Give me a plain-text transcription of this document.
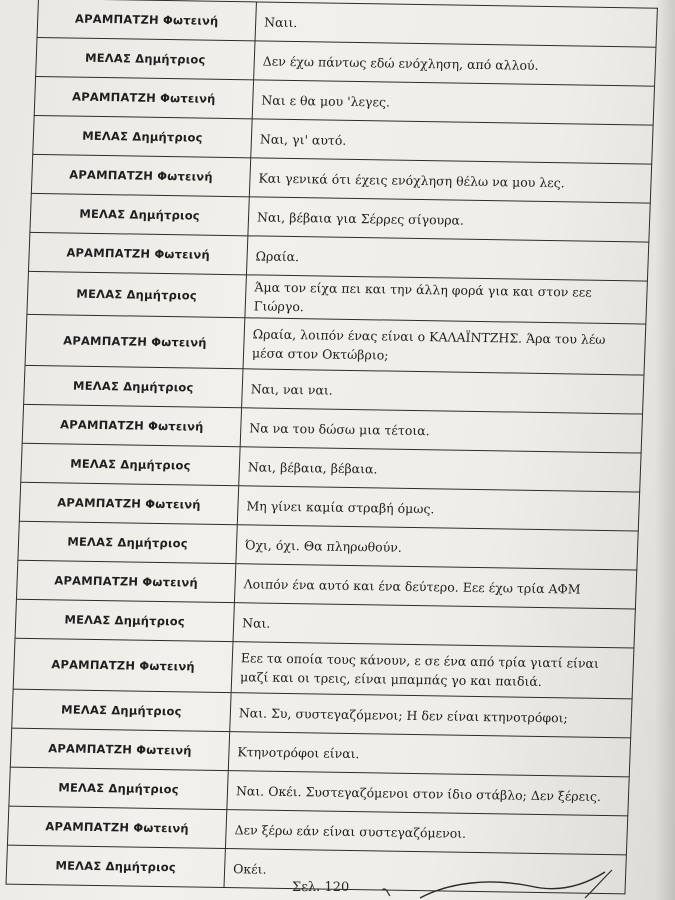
ΑΡΑΜΠΑΤΖΗ Φωτεινή	Ναιι.
ΜΕΛΑΣ Δημήτριος	Δεν έχω πάντως εδώ ενόχληση, από αλλού.
ΑΡΑΜΠΑΤΖΗ Φωτεινή	Ναι ε θα μου 'λεγες.
ΜΕΛΑΣ Δημήτριος	Ναι, γι' αυτό.
ΑΡΑΜΠΑΤΖΗ Φωτεινή	Και γενικά ότι έχεις ενόχληση θέλω να μου λες.
ΜΕΛΑΣ Δημήτριος	Ναι, βέβαια για Σέρρες σίγουρα.
ΑΡΑΜΠΑΤΖΗ Φωτεινή	Ωραία.
ΜΕΛΑΣ Δημήτριος	Άμα τον είχα πει και την άλλη φορά για και στον εεε Γιώργο.
ΑΡΑΜΠΑΤΖΗ Φωτεινή	Ωραία, λοιπόν ένας είναι ο ΚΑΛΑΪΝΤΖΗΣ. Άρα του λέω μέσα στον Οκτώβριο;
ΜΕΛΑΣ Δημήτριος	Ναι, ναι ναι.
ΑΡΑΜΠΑΤΖΗ Φωτεινή	Να να του δώσω μια τέτοια.
ΜΕΛΑΣ Δημήτριος	Ναι, βέβαια, βέβαια.
ΑΡΑΜΠΑΤΖΗ Φωτεινή	Μη γίνει καμία στραβή όμως.
ΜΕΛΑΣ Δημήτριος	Όχι, όχι. Θα πληρωθούν.
ΑΡΑΜΠΑΤΖΗ Φωτεινή	Λοιπόν ένα αυτό και ένα δεύτερο. Εεε έχω τρία ΑΦΜ
ΜΕΛΑΣ Δημήτριος	Ναι.
ΑΡΑΜΠΑΤΖΗ Φωτεινή	Εεε τα οποία τους κάνουν, ε σε ένα από τρία γιατί είναι μαζί και οι τρεις, είναι μπαμπάς γο και παιδιά.
ΜΕΛΑΣ Δημήτριος	Ναι. Συ, συστεγαζόμενοι; Η δεν είναι κτηνοτρόφοι;
ΑΡΑΜΠΑΤΖΗ Φωτεινή	Κτηνοτρόφοι είναι.
ΜΕΛΑΣ Δημήτριος	Ναι. Οκέι. Συστεγαζόμενοι στον ίδιο στάβλο; Δεν ξέρεις.
ΑΡΑΜΠΑΤΖΗ Φωτεινή	Δεν ξέρω εάν είναι συστεγαζόμενοι.
ΜΕΛΑΣ Δημήτριος	Οκέι.
Σελ. 120
